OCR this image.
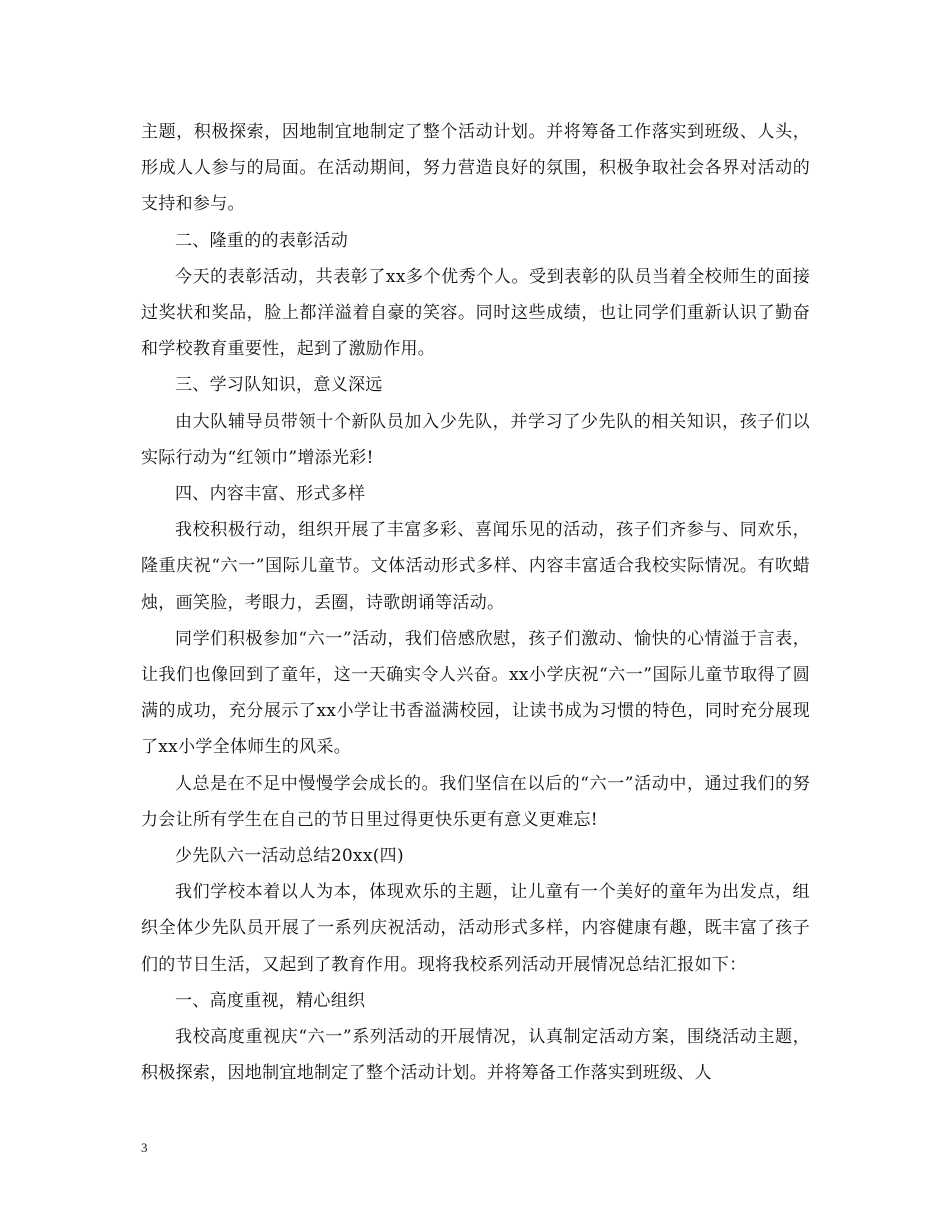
主题，积极探索，因地制宜地制定了整个活动计划。并将筹备工作落实到班级、人头，形成人人参与的局面。在活动期间，努力营造良好的氛围，积极争取社会各界对活动的支持和参与。

二、隆重的的表彰活动

今天的表彰活动，共表彰了xx多个优秀个人。受到表彰的队员当着全校师生的面接过奖状和奖品，脸上都洋溢着自豪的笑容。同时这些成绩，也让同学们重新认识了勤奋和学校教育重要性，起到了激励作用。

三、学习队知识，意义深远

由大队辅导员带领十个新队员加入少先队，并学习了少先队的相关知识，孩子们以实际行动为“红领巾”增添光彩!

四、内容丰富、形式多样

我校积极行动，组织开展了丰富多彩、喜闻乐见的活动，孩子们齐参与、同欢乐，隆重庆祝“六一”国际儿童节。文体活动形式多样、内容丰富适合我校实际情况。有吹蜡烛，画笑脸，考眼力，丢圈，诗歌朗诵等活动。

同学们积极参加“六一”活动，我们倍感欣慰，孩子们激动、愉快的心情溢于言表，让我们也像回到了童年，这一天确实令人兴奋。xx小学庆祝“六一”国际儿童节取得了圆满的成功，充分展示了xx小学让书香溢满校园，让读书成为习惯的特色，同时充分展现了xx小学全体师生的风采。

人总是在不足中慢慢学会成长的。我们坚信在以后的“六一”活动中，通过我们的努力会让所有学生在自己的节日里过得更快乐更有意义更难忘!

少先队六一活动总结20xx(四)

我们学校本着以人为本，体现欢乐的主题，让儿童有一个美好的童年为出发点，组织全体少先队员开展了一系列庆祝活动，活动形式多样，内容健康有趣，既丰富了孩子们的节日生活，又起到了教育作用。现将我校系列活动开展情况总结汇报如下：

一、高度重视，精心组织

我校高度重视庆“六一”系列活动的开展情况，认真制定活动方案，围绕活动主题，积极探索，因地制宜地制定了整个活动计划。并将筹备工作落实到班级、人

3
